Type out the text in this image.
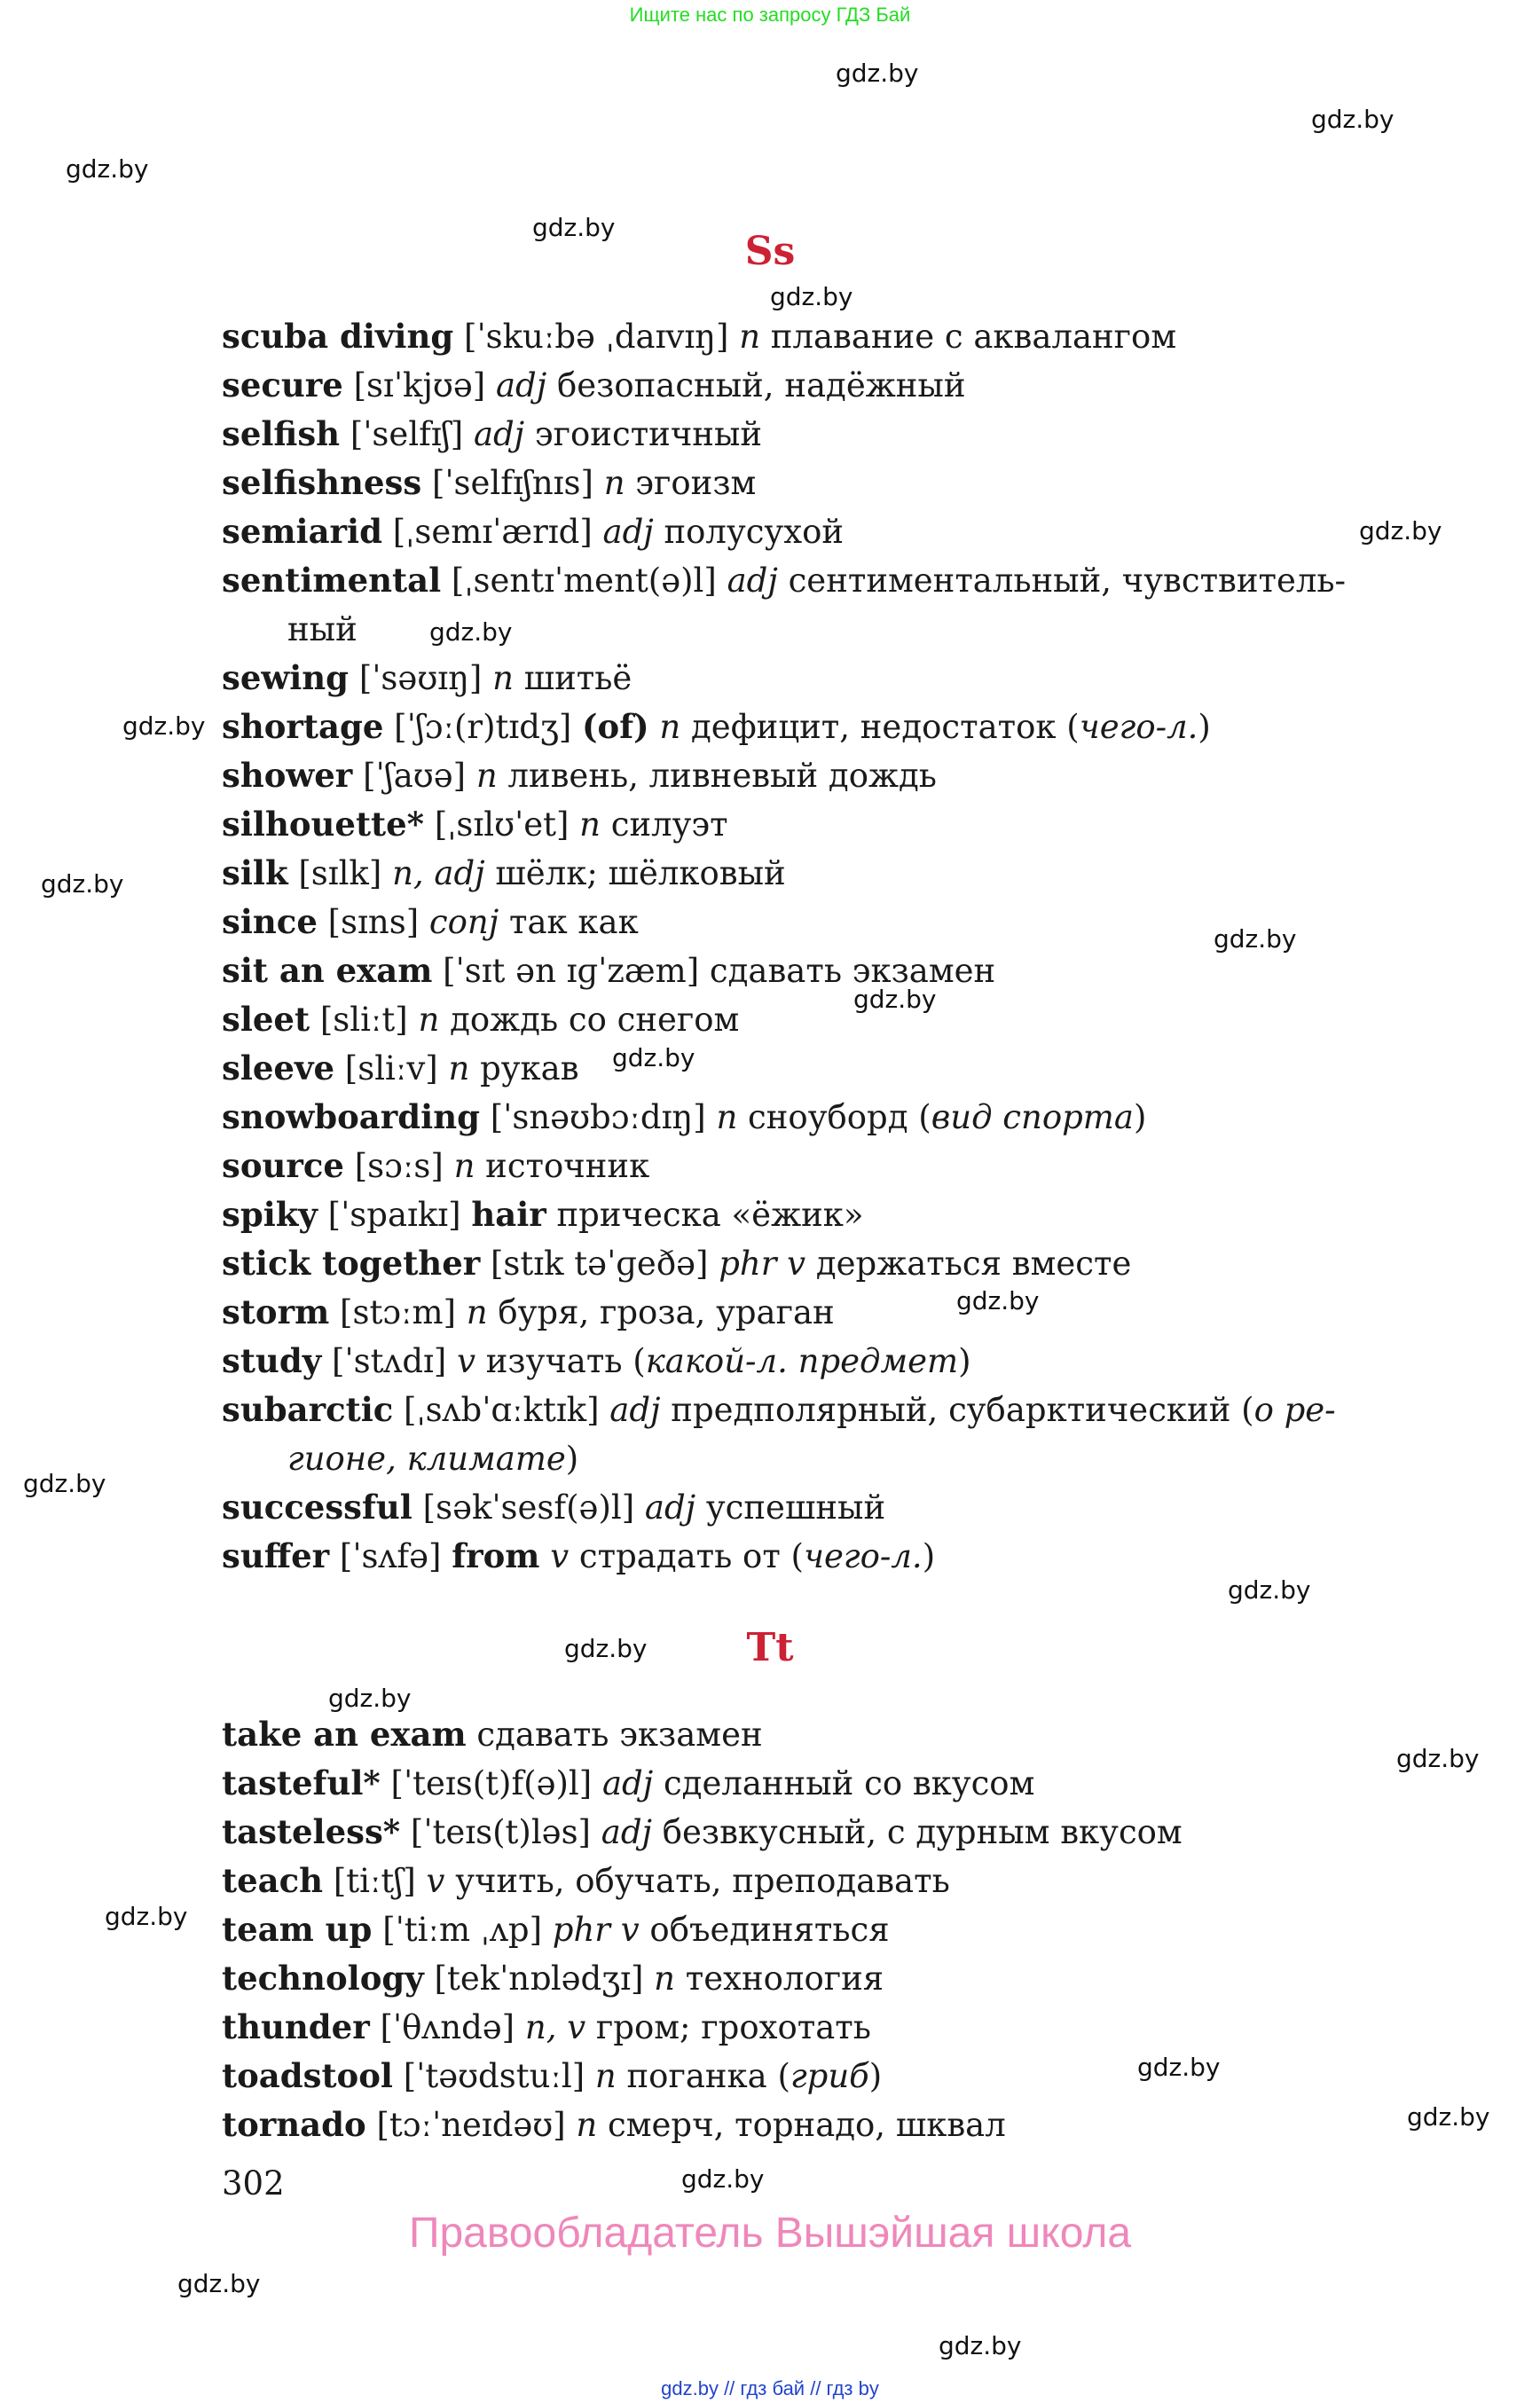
Ищите нас по запросу ГДЗ Бай
gdz.by
gdz.by
gdz.by
gdz.by
gdz.by
gdz.by
gdz.by
gdz.by
gdz.by
gdz.by
gdz.by
gdz.by
gdz.by
gdz.by
gdz.by
gdz.by
gdz.by
gdz.by
gdz.by
gdz.by
gdz.by
gdz.by
gdz.by
gdz.by
Ss
scuba diving [ˈskuːbə ˌdaɪvɪŋ] n плавание с аквалангом
secure [sɪˈkjʊə] adj безопасный, надёжный
selfish [ˈselfɪʃ] adj эгоистичный
selfishness [ˈselfɪʃnɪs] n эгоизм
semiarid [ˌsemɪˈærɪd] adj полусухой
sentimental [ˌsentɪˈment(ə)l] adj сентиментальный, чувствитель-
ный
sewing [ˈsəʊɪŋ] n шитьё
shortage [ˈʃɔː(r)tɪdʒ] (of) n дефицит, недостаток (чего-л.)
shower [ˈʃaʊə] n ливень, ливневый дождь
silhouette* [ˌsɪlʊˈet] n силуэт
silk [sɪlk] n, adj шёлк; шёлковый
since [sɪns] conj так как
sit an exam [ˈsɪt ən ɪɡˈzæm] сдавать экзамен
sleet [sliːt] n дождь со снегом
sleeve [sliːv] n рукав
snowboarding [ˈsnəʊbɔːdɪŋ] n сноуборд (вид спорта)
source [sɔːs] n источник
spiky [ˈspaɪkɪ] hair прическа «ёжик»
stick together [stɪk təˈɡeðə] phr v держаться вместе
storm [stɔːm] n буря, гроза, ураган
study [ˈstʌdɪ] v изучать (какой-л. предмет)
subarctic [ˌsʌbˈɑːktɪk] adj предполярный, субарктический (о ре-
гионе, климате)
successful [səkˈsesf(ə)l] adj успешный
suffer [ˈsʌfə] from v страдать от (чего-л.)
Tt
take an exam сдавать экзамен
tasteful* [ˈteɪs(t)f(ə)l] adj сделанный со вкусом
tasteless* [ˈteɪs(t)ləs] adj безвкусный, с дурным вкусом
teach [tiːtʃ] v учить, обучать, преподавать
team up [ˈtiːm ˌʌp] phr v объединяться
technology [tekˈnɒlədʒɪ] n технология
thunder [ˈθʌndə] n, v гром; грохотать
toadstool [ˈtəʊdstuːl] n поганка (гриб)
tornado [tɔːˈneɪdəʊ] n смерч, торнадо, шквал
302
Правообладатель Вышэйшая школа
gdz.by // гдз бай // гдз by
